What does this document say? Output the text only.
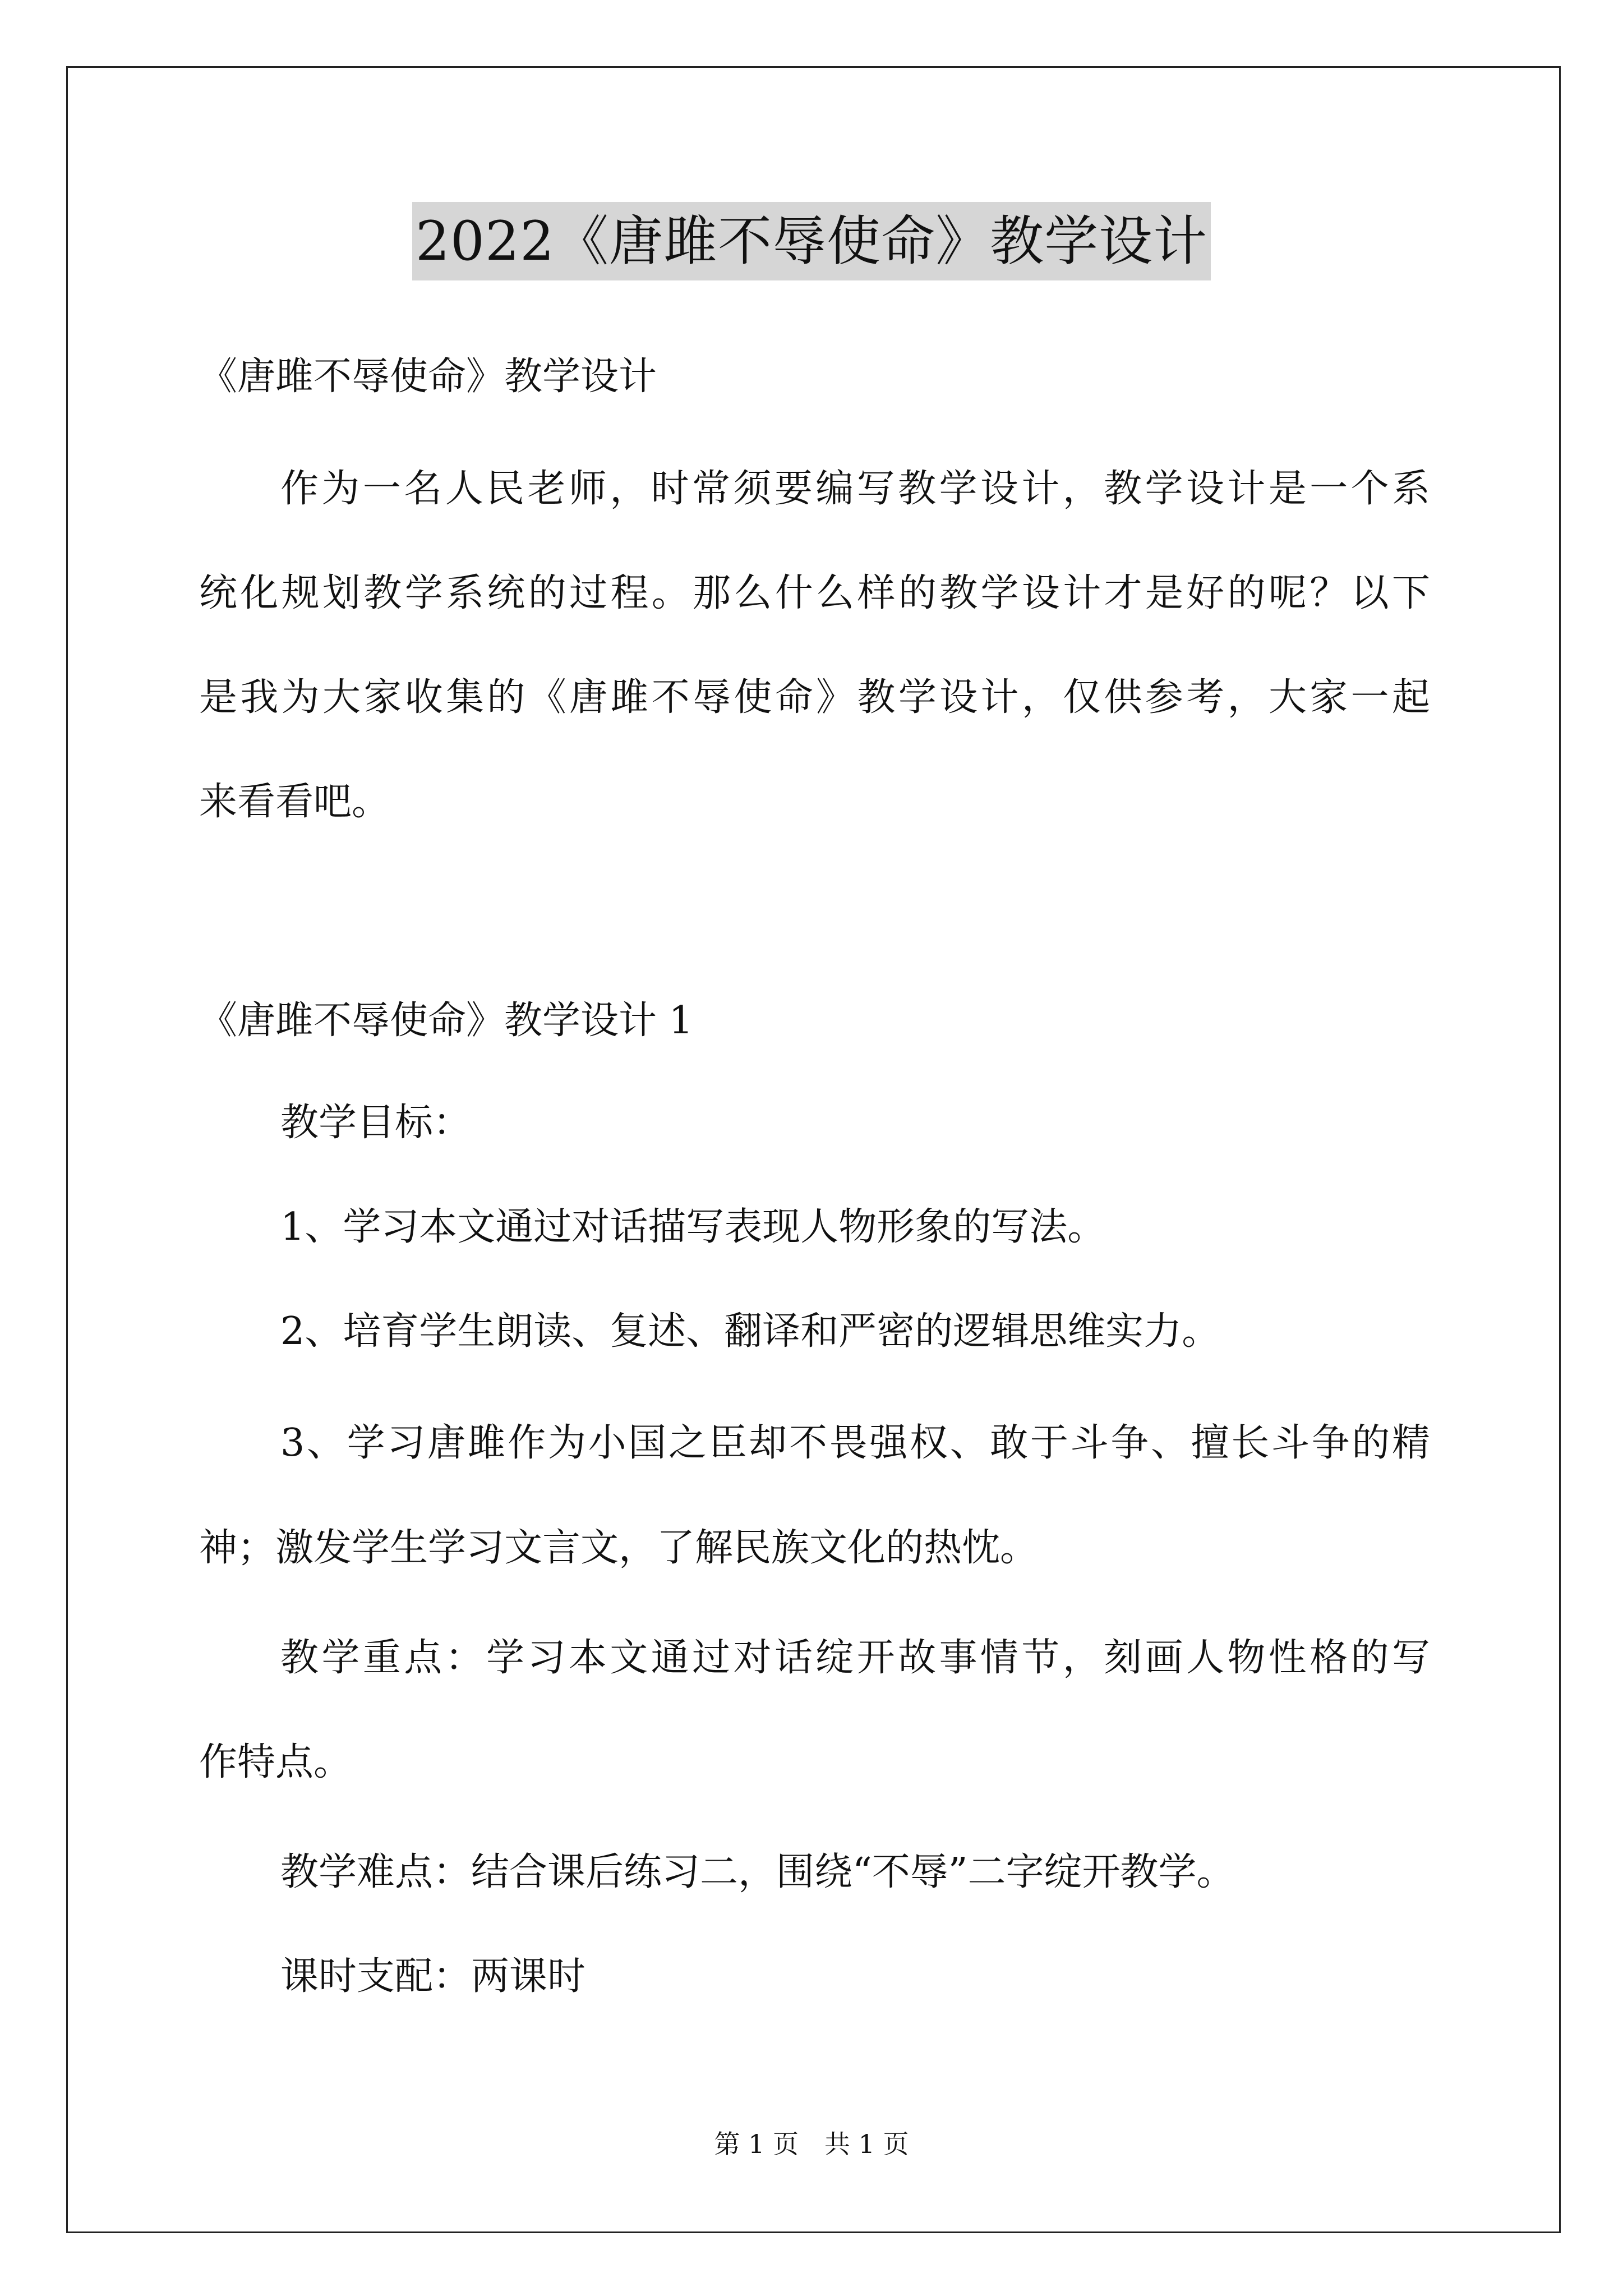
2022《唐雎不辱使命》教学设计
《唐雎不辱使命》教学设计
作为一名人民老师，时常须要编写教学设计，教学设计是一个系
统化规划教学系统的过程。那么什么样的教学设计才是好的呢？以下
是我为大家收集的《唐雎不辱使命》教学设计，仅供参考，大家一起
来看看吧。
《唐雎不辱使命》教学设计 1
教学目标：
1、学习本文通过对话描写表现人物形象的写法。
2、培育学生朗读、复述、翻译和严密的逻辑思维实力。
3、学习唐雎作为小国之臣却不畏强权、敢于斗争、擅长斗争的精
神；激发学生学习文言文，了解民族文化的热忱。
教学重点：学习本文通过对话绽开故事情节，刻画人物性格的写
作特点。
教学难点：结合课后练习二，围绕“不辱”二字绽开教学。
课时支配：两课时
第 1 页　共 1 页
